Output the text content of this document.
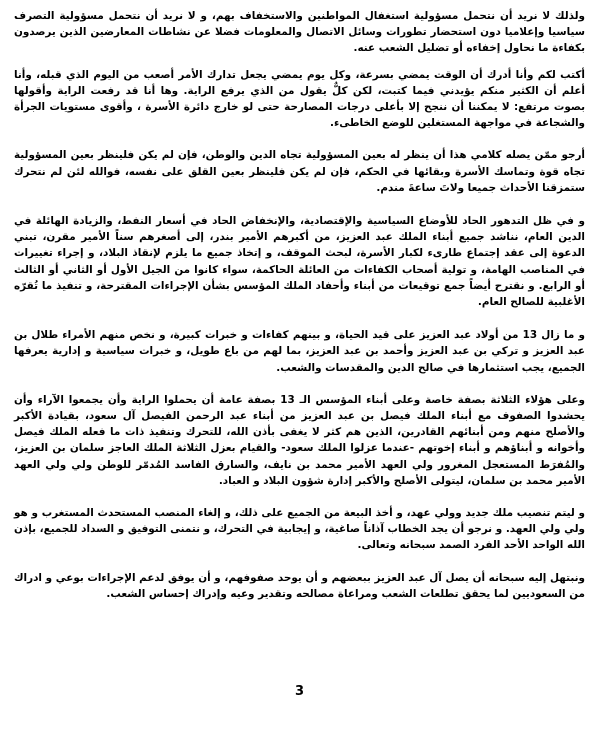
ولذلك لا نريد أن نتحمل مسؤولية استغفال المواطنين والاستخفاف بهم، و لا نريد أن نتحمل مسؤولية التصرف سياسيا وإعلاميا دون استحضار تطورات وسائل الاتصال والمعلومات فضلا عن نشاطات المعارضين الذين يرصدون بكفاءة ما نحاول إخفاءه أو تضليل الشعب عنه.

أكتب لكم وأنا أدرك أن الوقت يمضي بسرعة، وكل يوم يمضي يجعل تدارك الأمر أصعب من اليوم الذي قبله، وأنا أعلم أن الكثير منكم يؤيدني فيما كتبت، لكن كلٌّ يقول من الذي يرفع الراية. وها أنا قد رفعت الراية وأقولها بصوت مرتفع: لا يمكننا أن ننجح إلا بأعلى درجات المصارحة حتى لو خارج دائرة الأسرة ، وأقوى مستويات الجرأة والشجاعة في مواجهة المستغلين للوضع الخاطىء.

أرجو ممّن يصله كلامي هذا أن ينظر له بعين المسؤولية تجاه الدين والوطن، فإن لم يكن فلينظر بعين المسؤولية تجاه قوة وتماسك الأسرة وبقائها في الحكم، فإن لم يكن فلينظر بعين القلق على نفسه، فوالله لئن لم نتحرك ستمزقنا الأحداث جميعا ولاتَ ساعةَ مندم.

و في ظل التدهور الحاد للأوضاع السياسية والإقتصادية، والإنخفاض الحاد في أسعار النفط، والزيادة الهائلة في الدين العام، نناشد جميع أبناء الملك عبد العزيز، من أكبرهم الأمير بندر، إلى أصغرهم سناً الأمير مقرن، تبني الدعوة إلى عقد إجتماع طارىء لكبار الأسرة، لبحث الموقف، و إتخاذ جميع ما يلزم لإنقاذ البلاد، و إجراء تغييرات في المناصب الهامة، و تولية أصحاب الكفاءات من العائلة الحاكمة، سواء كانوا من الجيل الأول أو الثاني أو الثالث أو الرابع. و نقترح أيضاً جمع توقيعات من أبناء وأحفاد الملك المؤسس بشأن الإجراءات المقترحة، و تنفيذ ما تُقرّه الأغلبية للصالح العام.

و ما زال 13 من أولاد عبد العزيز على قيد الحياة، و بينهم كفاءات و خبرات كبيرة، و نخص منهم الأمراء طلال بن عبد العزيز و تركي بن عبد العزيز وأحمد بن عبد العزيز، بما لهم من باع طويل، و خبرات سياسية و إدارية يعرفها الجميع، يجب استثمارها في صالح الدين والمقدسات والشعب.

وعلى هؤلاء الثلاثة بصفة خاصة وعلى أبناء المؤسس الـ 13 بصفة عامة أن يحملوا الراية وأن يجمعوا الآراء وأن يحشدوا الصفوف مع أبناء الملك فيصل بن عبد العزيز من أبناء عبد الرحمن الفيصل آل سعود، بقيادة الأكبر والأصلح منهم ومن أبنائهم القادرين، الذين هم كثر لا يغفى بأذن الله، للتحرك وتنفيذ ذات ما فعله الملك فيصل وأخوانه و أبناؤهم و أبناء إخوتهم -عندما عزلوا الملك سعود- والقيام بعزل الثلاثة الملك العاجز سلمان بن العزيز، والمُفرَط المستعجل المغرور ولي العهد الأمير محمد بن نايف، والسارق الفاسد المُدمّر للوطن ولي ولي العهد الأمير محمد بن سلمان، ليتولى الأصلح والأكبر إدارة شؤون البلاد و العباد.

و ليتم تنصيب ملك جديد وولي عهد، و أخذ البيعة من الجميع على ذلك، و إلغاء المنصب المستحدث المستغرب و هو ولي ولي العهد. و نرجو أن يجد الخطاب آذاناً صاغية، و إيجابية في التحرك، و نتمنى التوفيق و السداد للجميع، بإذن الله الواحد الأحد الفرد الصمد سبحانه وتعالى.

ونبتهل إليه سبحانه أن يصل آل عبد العزيز ببعضهم و أن يوحد صفوفهم، و أن يوفق لدعم الإجراءات بوعي و ادراك من السعوديين لما يحقق تطلعات الشعب ومراعاة مصالحه وتقدير وعيه وإدراك إحساس الشعب.

3
